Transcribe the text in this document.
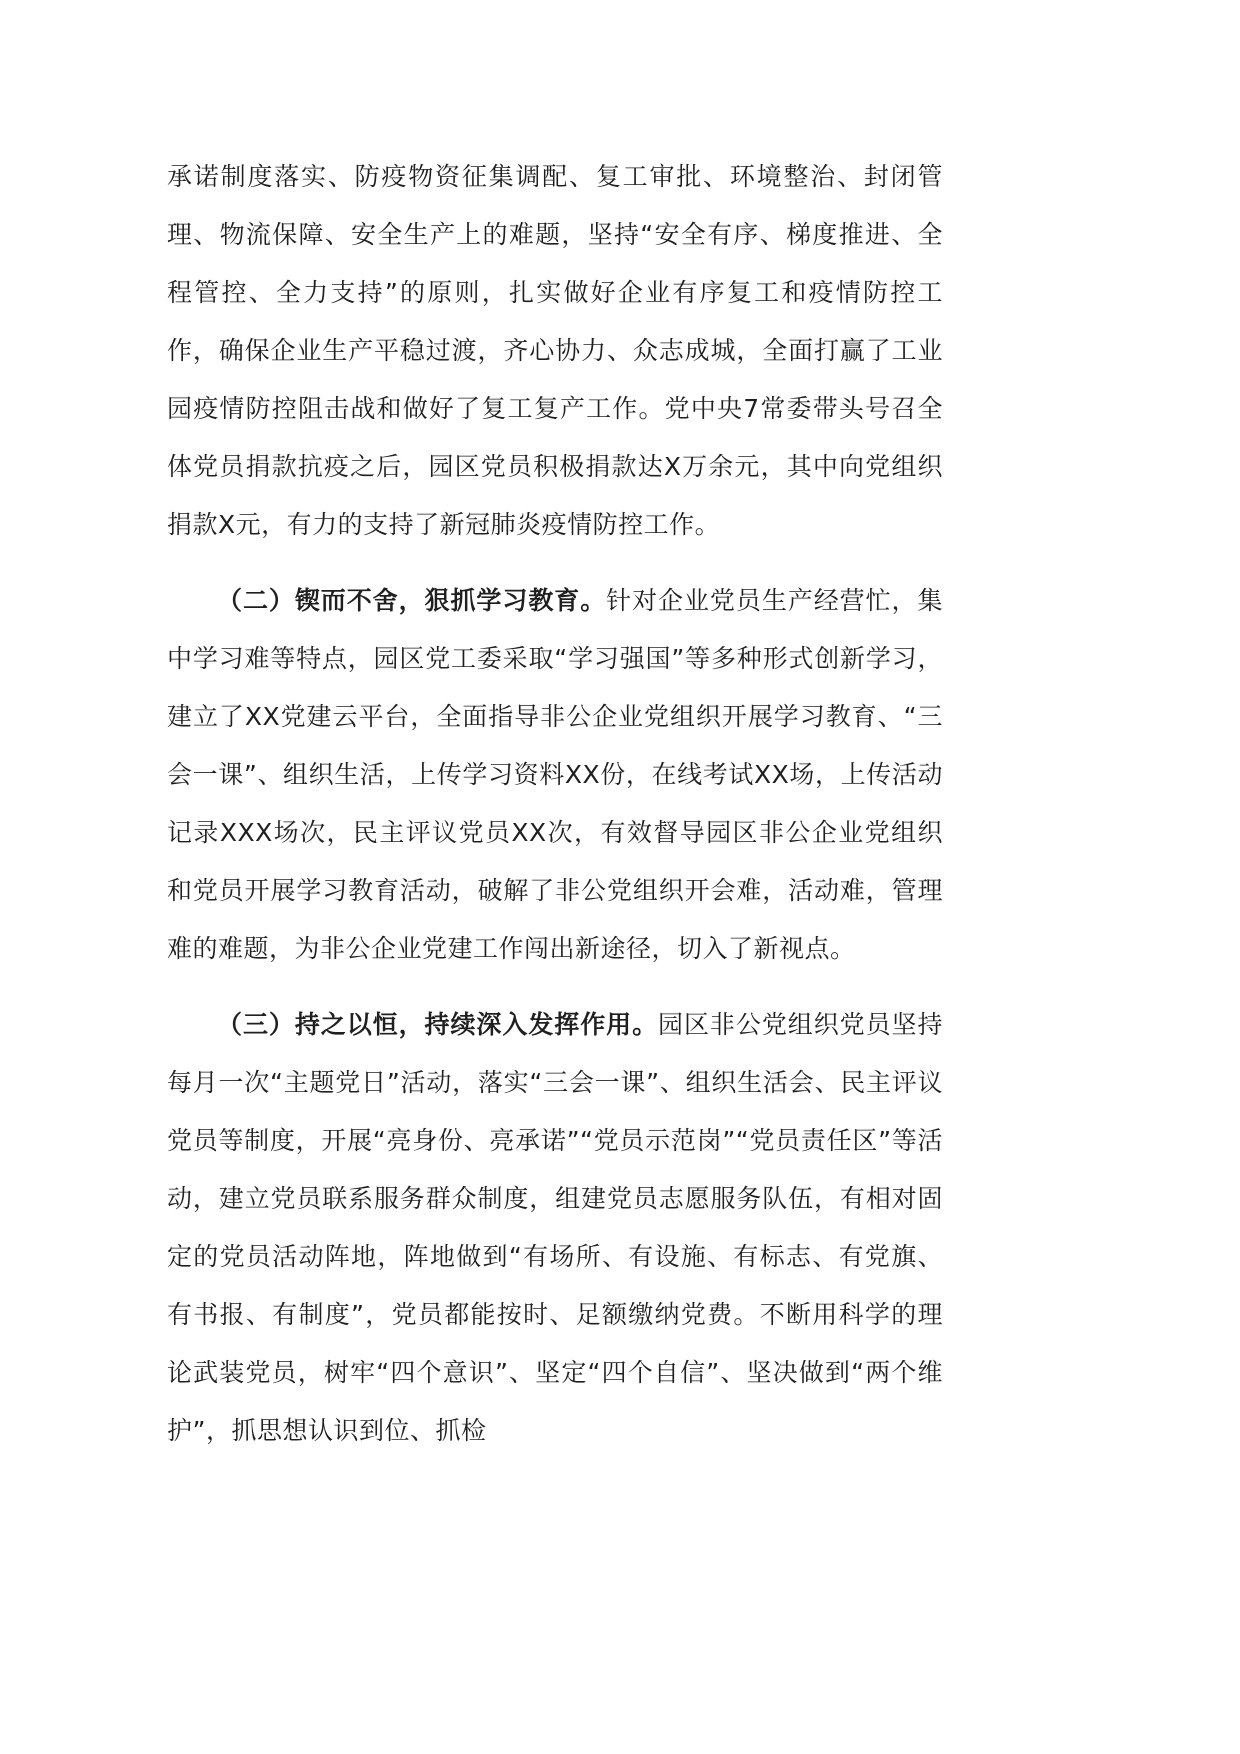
承诺制度落实、防疫物资征集调配、复工审批、环境整治、封闭管理、物流保障、安全生产上的难题，坚持“安全有序、梯度推进、全程管控、全力支持”的原则，扎实做好企业有序复工和疫情防控工作，确保企业生产平稳过渡，齐心协力、众志成城，全面打赢了工业园疫情防控阻击战和做好了复工复产工作。党中央7常委带头号召全体党员捐款抗疫之后，园区党员积极捐款达X万余元，其中向党组织捐款X元，有力的支持了新冠肺炎疫情防控工作。

（二）锲而不舍，狠抓学习教育。针对企业党员生产经营忙，集中学习难等特点，园区党工委采取“学习强国”等多种形式创新学习，建立了XX党建云平台，全面指导非公企业党组织开展学习教育、“三会一课”、组织生活，上传学习资料XX份，在线考试XX场，上传活动记录XXX场次，民主评议党员XX次，有效督导园区非公企业党组织和党员开展学习教育活动，破解了非公党组织开会难，活动难，管理难的难题，为非公企业党建工作闯出新途径，切入了新视点。

（三）持之以恒，持续深入发挥作用。园区非公党组织党员坚持每月一次“主题党日”活动，落实“三会一课”、组织生活会、民主评议党员等制度，开展“亮身份、亮承诺”“党员示范岗”“党员责任区”等活动，建立党员联系服务群众制度，组建党员志愿服务队伍，有相对固定的党员活动阵地，阵地做到“有场所、有设施、有标志、有党旗、有书报、有制度”，党员都能按时、足额缴纳党费。不断用科学的理论武装党员，树牢“四个意识”、坚定“四个自信”、坚决做到“两个维护”，抓思想认识到位、抓检
